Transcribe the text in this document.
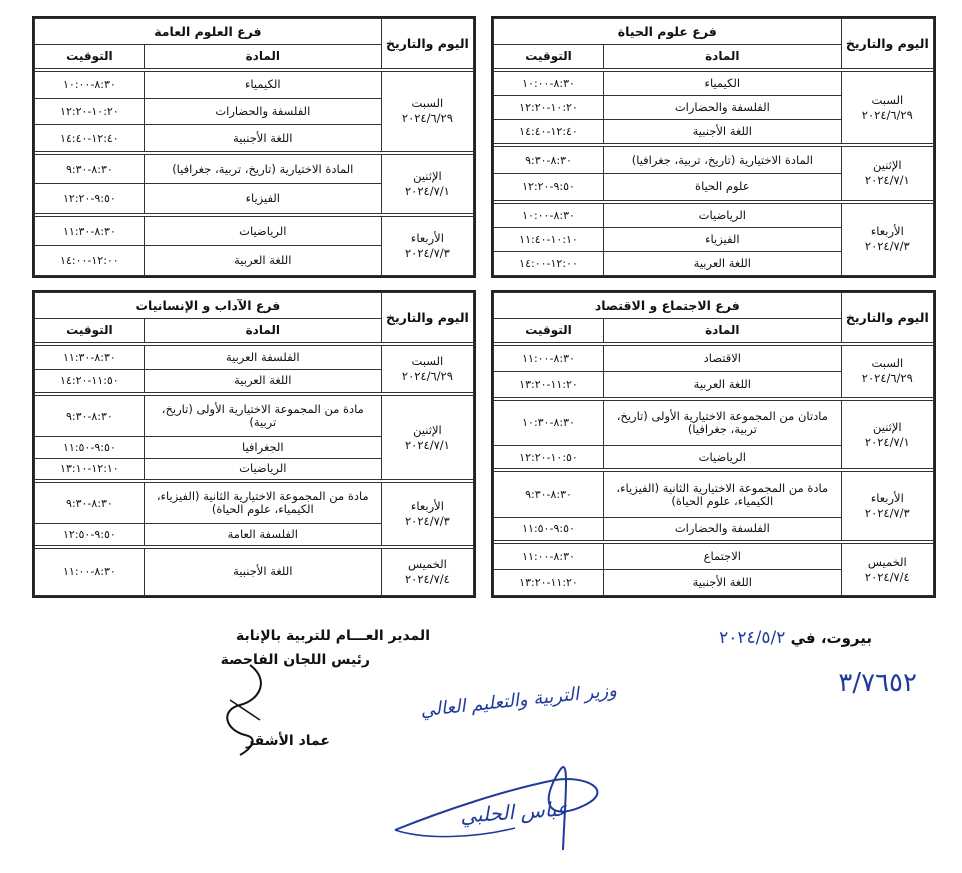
اليوم والتاريخ	فرع علوم الحياة	
	المادة	التوقيت

السبت
٢٠٢٤/٦/٢٩	الكيمياء	٨:٣٠-١٠:٠٠
	الفلسفة والحضارات	١٠:٢٠-١٢:٢٠
	اللغة الأجنبية	١٢:٤٠-١٤:٤٠

الإثنين
٢٠٢٤/٧/١	المادة الاختيارية (تاريخ، تربية، جغرافيا)	٨:٣٠-٩:٣٠
	علوم الحياة	٩:٥٠-١٢:٢٠

الأربعاء
٢٠٢٤/٧/٣	الرياضيات	٨:٣٠-١٠:٠٠
	الفيزياء	١٠:١٠-١١:٤٠
	اللغة العربية	١٢:٠٠-١٤:٠٠
اليوم والتاريخ	فرع العلوم العامة	
	المادة	التوقيت

السبت
٢٠٢٤/٦/٢٩	الكيمياء	٨:٣٠-١٠:٠٠
	الفلسفة والحضارات	١٠:٢٠-١٢:٢٠
	اللغة الأجنبية	١٢:٤٠-١٤:٤٠

الإثنين
٢٠٢٤/٧/١	المادة الاختيارية (تاريخ، تربية، جغرافيا)	٨:٣٠-٩:٣٠
	الفيزياء	٩:٥٠-١٢:٢٠

الأربعاء
٢٠٢٤/٧/٣	الرياضيات	٨:٣٠-١١:٣٠
	اللغة العربية	١٢:٠٠-١٤:٠٠
اليوم والتاريخ	فرع الاجتماع و الاقتصاد	
	المادة	التوقيت

السبت
٢٠٢٤/٦/٢٩	الاقتصاد	٨:٣٠-١١:٠٠
	اللغة العربية	١١:٢٠-١٣:٢٠

الإثنين
٢٠٢٤/٧/١	مادتان من المجموعة الاختيارية الأولى (تاريخ، تربية، جغرافيا)	٨:٣٠-١٠:٣٠
	الرياضيات	١٠:٥٠-١٢:٢٠

الأربعاء
٢٠٢٤/٧/٣	مادة من المجموعة الاختيارية الثانية (الفيزياء، الكيمياء، علوم الحياة)	٨:٣٠-٩:٣٠
	الفلسفة والحضارات	٩:٥٠-١١:٥٠

الخميس
٢٠٢٤/٧/٤	الاجتماع	٨:٣٠-١١:٠٠
	اللغة الأجنبية	١١:٢٠-١٣:٢٠
اليوم والتاريخ	فرع الآداب و الإنسانيات	
	المادة	التوقيت

السبت
٢٠٢٤/٦/٢٩	الفلسفة العربية	٨:٣٠-١١:٣٠
	اللغة العربية	١١:٥٠-١٤:٢٠

الإثنين
٢٠٢٤/٧/١	مادة من المجموعة الاختيارية الأولى (تاريخ، تربية)	٨:٣٠-٩:٣٠
	الجغرافيا	٩:٥٠-١١:٥٠
	الرياضيات	١٢:١٠-١٣:١٠

الأربعاء
٢٠٢٤/٧/٣	مادة من المجموعة الاختيارية الثانية (الفيزياء، الكيمياء، علوم الحياة)	٨:٣٠-٩:٣٠
	الفلسفة العامة	٩:٥٠-١٢:٥٠

الخميس
٢٠٢٤/٧/٤	اللغة الأجنبية	٨:٣٠-١١:٠٠
بيروت، في ٢٠٢٤/٥/٢
٣/٧٦٥٢
المدير العـــام للتربية بالإنابة
رئيس اللجان الفاحصة
عماد الأشقر
وزير التربية والتعليم العالي
عباس الحلبي
